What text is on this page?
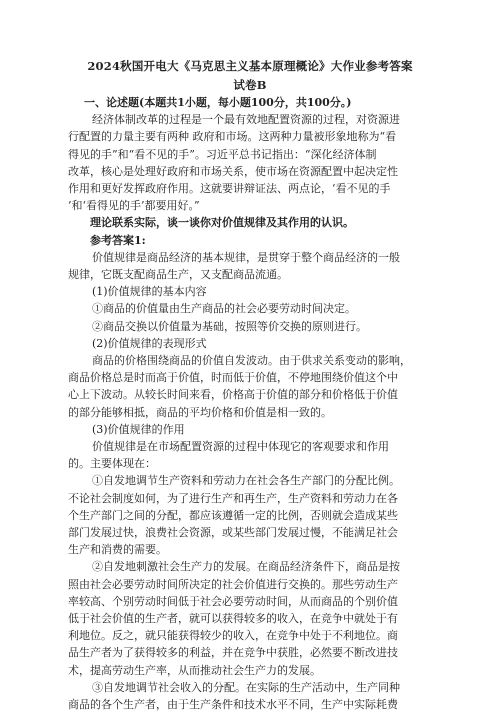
2024秋国开电大《马克思主义基本原理概论》大作业参考答案
试卷B
一、论述题(本题共1小题，每小题100分，共100分。)
经济体制改革的过程是一个最有效地配置资源的过程，对资源进
行配置的力量主要有两种 政府和市场。这两种力量被形象地称为“看
得见的手”和“看不见的手”。习近平总书记指出：“深化经济体制
改革，核心是处理好政府和市场关系，使市场在资源配置中起决定性
作用和更好发挥政府作用。这就要讲辩证法、两点论，‘看不见的手
’和‘看得见的手’都要用好。”
理论联系实际，谈一谈你对价值规律及其作用的认识。
参考答案1:
价值规律是商品经济的基本规律，是贯穿于整个商品经济的一般
规律，它既支配商品生产，又支配商品流通。
(1)价值规律的基本内容
①商品的价值量由生产商品的社会必要劳动时间决定。
②商品交换以价值量为基础，按照等价交换的原则进行。
(2)价值规律的表现形式
商品的价格围绕商品的价值自发波动。由于供求关系变动的影响，
商品价格总是时而高于价值，时而低于价值，不停地围绕价值这个中
心上下波动。从较长时间来看，价格高于价值的部分和价格低于价值
的部分能够相抵，商品的平均价格和价值是相一致的。
(3)价值规律的作用
价值规律是在市场配置资源的过程中体现它的客观要求和作用
的。主要体现在：
①自发地调节生产资料和劳动力在社会各生产部门的分配比例。
不论社会制度如何，为了进行生产和再生产，生产资料和劳动力在各
个生产部门之间的分配，都应该遵循一定的比例，否则就会造成某些
部门发展过快，浪费社会资源，或某些部门发展过慢，不能满足社会
生产和消费的需要。
②自发地刺激社会生产力的发展。在商品经济条件下，商品是按
照由社会必要劳动时间所决定的社会价值进行交换的。那些劳动生产
率较高、个别劳动时间低于社会必要劳动时间，从而商品的个别价值
低于社会价值的生产者，就可以获得较多的收入，在竞争中就处于有
利地位。反之，就只能获得较少的收入，在竞争中处于不利地位。商
品生产者为了获得较多的利益，并在竞争中获胜，必然要不断改进技
术，提高劳动生产率，从而推动社会生产力的发展。
③自发地调节社会收入的分配。在实际的生产活动中，生产同种
商品的各个生产者，由于生产条件和技术水平不同，生产中实际耗费
